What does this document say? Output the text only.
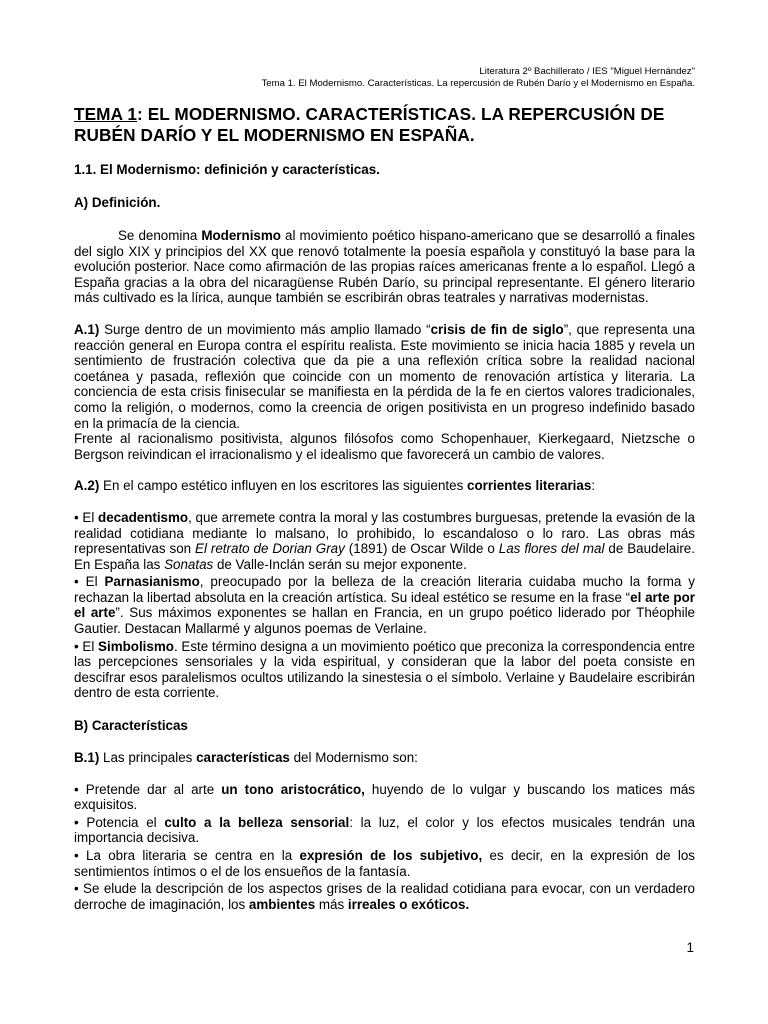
Literatura 2º Bachillerato / IES "Miguel Hernández"
Tema 1. El Modernismo. Características. La repercusión de Rubén Darío y el Modernismo en España.
TEMA 1: EL MODERNISMO. CARACTERÍSTICAS. LA REPERCUSIÓN DE RUBÉN DARÍO Y EL MODERNISMO EN ESPAÑA.
1.1. El Modernismo: definición y características.
A) Definición.

Se denomina Modernismo al movimiento poético hispano-americano que se desarrolló a finales del siglo XIX y principios del XX que renovó totalmente la poesía española y constituyó la base para la evolución posterior. Nace como afirmación de las propias raíces americanas frente a lo español. Llegó a España gracias a la obra del nicaragüense Rubén Darío, su principal representante. El género literario más cultivado es la lírica, aunque también se escribirán obras teatrales y narrativas modernistas.

A.1) Surge dentro de un movimiento más amplio llamado “crisis de fin de siglo”, que representa una reacción general en Europa contra el espíritu realista. Este movimiento se inicia hacia 1885 y revela un sentimiento de frustración colectiva que da pie a una reflexión crítica sobre la realidad nacional coetánea y pasada, reflexión que coincide con un momento de renovación artística y literaria. La conciencia de esta crisis finisecular se manifiesta en la pérdida de la fe en ciertos valores tradicionales, como la religión, o modernos, como la creencia de origen positivista en un progreso indefinido basado en la primacía de la ciencia.

Frente al racionalismo positivista, algunos filósofos como Schopenhauer, Kierkegaard, Nietzsche o Bergson reivindican el irracionalismo y el idealismo que favorecerá un cambio de valores.

A.2) En el campo estético influyen en los escritores las siguientes corrientes literarias:

• El decadentismo, que arremete contra la moral y las costumbres burguesas, pretende la evasión de la realidad cotidiana mediante lo malsano, lo prohibido, lo escandaloso o lo raro. Las obras más representativas son El retrato de Dorian Gray (1891) de Oscar Wilde o Las flores del mal de Baudelaire. En España las Sonatas de Valle-Inclán serán su mejor exponente.

• El Parnasianismo, preocupado por la belleza de la creación literaria cuidaba mucho la forma y rechazan la libertad absoluta en la creación artística. Su ideal estético se resume en la frase “el arte por el arte”. Sus máximos exponentes se hallan en Francia, en un grupo poético liderado por Théophile Gautier. Destacan Mallarmé y algunos poemas de Verlaine.

• El Simbolismo. Este término designa a un movimiento poético que preconiza la correspondencia entre las percepciones sensoriales y la vida espiritual, y consideran que la labor del poeta consiste en descifrar esos paralelismos ocultos utilizando la sinestesia o el símbolo. Verlaine y Baudelaire escribirán dentro de esta corriente.

B) Características

B.1) Las principales características del Modernismo son:

• Pretende dar al arte un tono aristocrático, huyendo de lo vulgar y buscando los matices más exquisitos.

• Potencia el culto a la belleza sensorial: la luz, el color y los efectos musicales tendrán una importancia decisiva.

• La obra literaria se centra en la expresión de los subjetivo, es decir, en la expresión de los sentimientos íntimos o el de los ensueños de la fantasía.

• Se elude la descripción de los aspectos grises de la realidad cotidiana para evocar, con un verdadero derroche de imaginación, los ambientes más irreales o exóticos.

1
